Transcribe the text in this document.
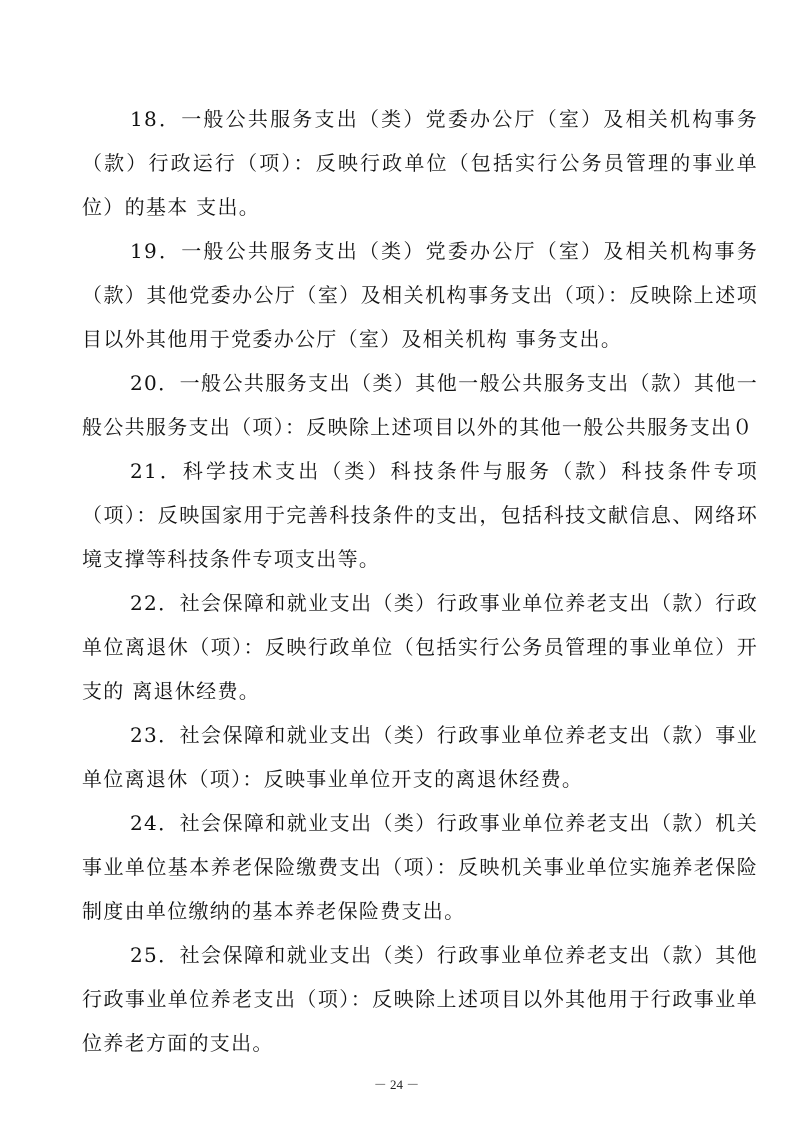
18．一般公共服务支出（类）党委办公厅（室）及相关机构事务（款）行政运行（项）：反映行政单位（包括实行公务员管理的事业单位）的基本 支出。

19．一般公共服务支出（类）党委办公厅（室）及相关机构事务（款）其他党委办公厅（室）及相关机构事务支出（项）：反映除上述项目以外其他用于党委办公厅（室）及相关机构 事务支出。

20．一般公共服务支出（类）其他一般公共服务支出（款）其他一般公共服务支出（项）：反映除上述项目以外的其他一般公共服务支出０

21．科学技术支出（类）科技条件与服务（款）科技条件专项（项）：反映国家用于完善科技条件的支出，包括科技文献信息、网络环境支撑等科技条件专项支出等。

22．社会保障和就业支出（类）行政事业单位养老支出（款）行政单位离退休（项）：反映行政单位（包括实行公务员管理的事业单位）开支的 离退休经费。

23．社会保障和就业支出（类）行政事业单位养老支出（款）事业单位离退休（项）：反映事业单位开支的离退休经费。

24．社会保障和就业支出（类）行政事业单位养老支出（款）机关事业单位基本养老保险缴费支出（项）：反映机关事业单位实施养老保险制度由单位缴纳的基本养老保险费支出。

25．社会保障和就业支出（类）行政事业单位养老支出（款）其他行政事业单位养老支出（项）：反映除上述项目以外其他用于行政事业单位养老方面的支出。

－ 24 －
